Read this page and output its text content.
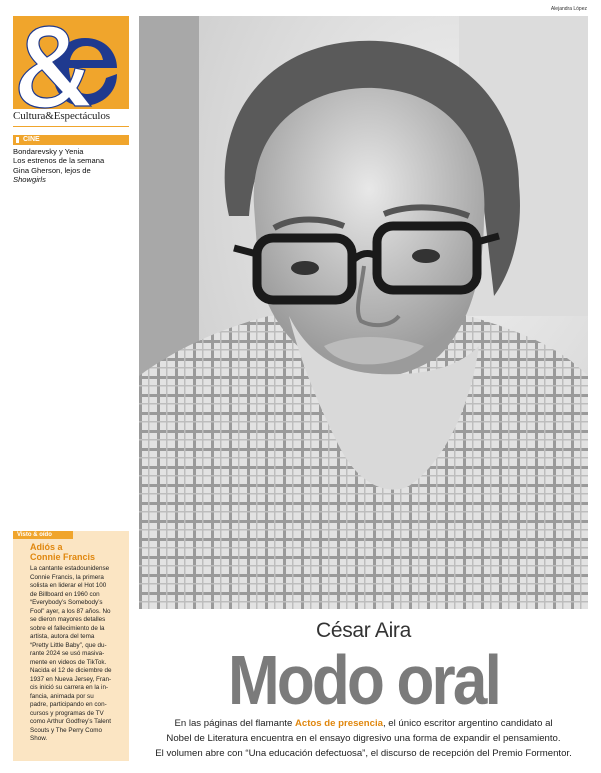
Alejandra López
Cultura&Espectáculos
CINE
Bondarevsky y Yenia
Los estrenos de la semana
Gina Gherson, lejos de
Showgirls
Visto & oído
Adiós a
Connie Francis
La cantante estadounidense
Connie Francis, la primera
solista en liderar el Hot 100
de Billboard en 1960 con
“Everybody’s Somebody’s
Fool” ayer, a los 87 años. No
se dieron mayores detalles
sobre el fallecimiento de la
artista, autora del tema
“Pretty Little Baby”, que du-
rante 2024 se usó masiva-
mente en videos de TikTok.
Nacida el 12 de diciembre de
1937 en Nueva Jersey, Fran-
cis inició su carrera en la in-
fancia, animada por su
padre, participando en con-
cursos y programas de TV
como Arthur Godfrey’s Talent
Scouts y The Perry Como
Show.
César Aira
Modo oral
En las páginas del flamante Actos de presencia, el único escritor argentino candidato al
Nobel de Literatura encuentra en el ensayo digresivo una forma de expandir el pensamiento.
El volumen abre con “Una educación defectuosa”, el discurso de recepción del Premio Formentor.
